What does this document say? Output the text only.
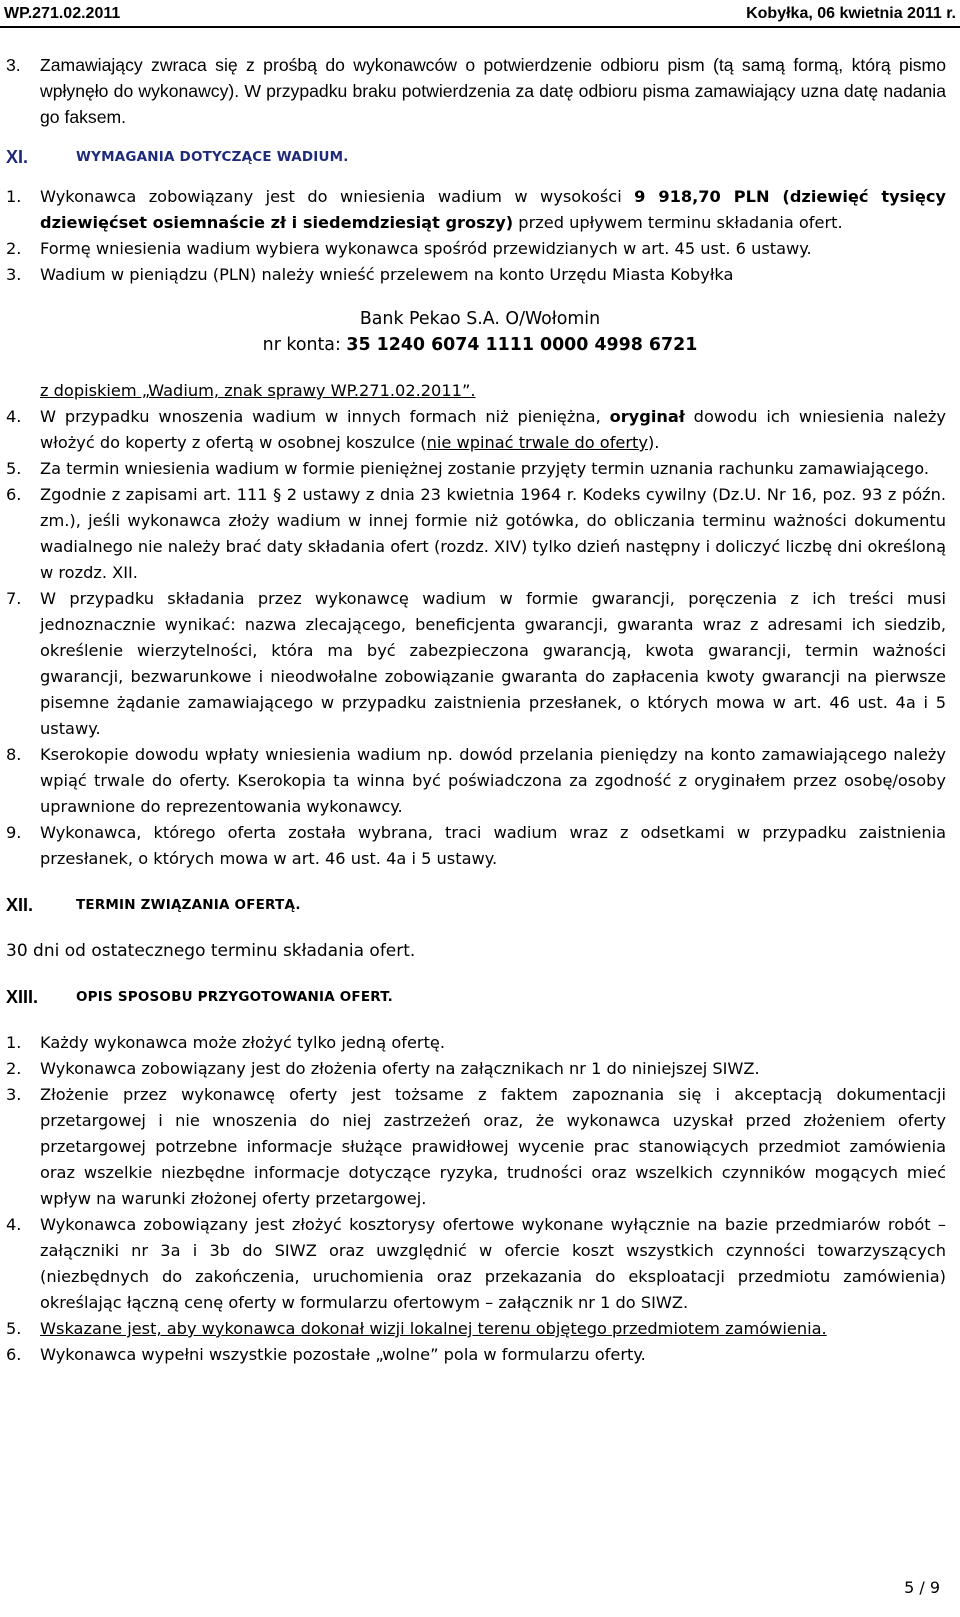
WP.271.02.2011	Kobyłka, 06 kwietnia 2011 r.
3. Zamawiający zwraca się z prośbą do wykonawców o potwierdzenie odbioru pism (tą samą formą, którą pismo wpłynęło do wykonawcy). W przypadku braku potwierdzenia za datę odbioru pisma zamawiający uzna datę nadania go faksem.
XI.	WYMAGANIA DOTYCZĄCE WADIUM.
1. Wykonawca zobowiązany jest do wniesienia wadium w wysokości 9 918,70 PLN (dziewięć tysięcy dziewięćset osiemnaście zł i siedemdziesiąt groszy) przed upływem terminu składania ofert.
2. Formę wniesienia wadium wybiera wykonawca spośród przewidzianych w art. 45 ust. 6 ustawy.
3. Wadium w pieniądzu (PLN) należy wnieść przelewem na konto Urzędu Miasta Kobyłka
Bank Pekao S.A. O/Wołomin
nr konta: 35 1240 6074 1111 0000 4998 6721
z dopiskiem „Wadium, znak sprawy WP.271.02.2011”.
4. W przypadku wnoszenia wadium w innych formach niż pieniężna, oryginał dowodu ich wniesienia należy włożyć do koperty z ofertą w osobnej koszulce (nie wpinać trwale do oferty).
5. Za termin wniesienia wadium w formie pieniężnej zostanie przyjęty termin uznania rachunku zamawiającego.
6. Zgodnie z zapisami art. 111 § 2 ustawy z dnia 23 kwietnia 1964 r. Kodeks cywilny (Dz.U. Nr 16, poz. 93 z późn. zm.), jeśli wykonawca złoży wadium w innej formie niż gotówka, do obliczania terminu ważności dokumentu wadialnego nie należy brać daty składania ofert (rozdz. XIV) tylko dzień następny i doliczyć liczbę dni określoną w rozdz. XII.
7. W przypadku składania przez wykonawcę wadium w formie gwarancji, poręczenia z ich treści musi jednoznacznie wynikać: nazwa zlecającego, beneficjenta gwarancji, gwaranta wraz z adresami ich siedzib, określenie wierzytelności, która ma być zabezpieczona gwarancją, kwota gwarancji, termin ważności gwarancji, bezwarunkowe i nieodwołalne zobowiązanie gwaranta do zapłacenia kwoty gwarancji na pierwsze pisemne żądanie zamawiającego w przypadku zaistnienia przesłanek, o których mowa w art. 46 ust. 4a i 5 ustawy.
8. Kserokopie dowodu wpłaty wniesienia wadium np. dowód przelania pieniędzy na konto zamawiającego należy wpiąć trwale do oferty. Kserokopia ta winna być poświadczona za zgodność z oryginałem przez osobę/osoby uprawnione do reprezentowania wykonawcy.
9. Wykonawca, którego oferta została wybrana, traci wadium wraz z odsetkami w przypadku zaistnienia przesłanek, o których mowa w art. 46 ust. 4a i 5 ustawy.
XII.	TERMIN ZWIĄZANIA OFERTĄ.
30 dni od ostatecznego terminu składania ofert.
XIII.	OPIS SPOSOBU PRZYGOTOWANIA OFERT.
1. Każdy wykonawca może złożyć tylko jedną ofertę.
2. Wykonawca zobowiązany jest do złożenia oferty na załącznikach nr 1 do niniejszej SIWZ.
3. Złożenie przez wykonawcę oferty jest tożsame z faktem zapoznania się i akceptacją dokumentacji przetargowej i nie wnoszenia do niej zastrzeżeń oraz, że wykonawca uzyskał przed złożeniem oferty przetargowej potrzebne informacje służące prawidłowej wycenie prac stanowiących przedmiot zamówienia oraz wszelkie niezbędne informacje dotyczące ryzyka, trudności oraz wszelkich czynników mogących mieć wpływ na warunki złożonej oferty przetargowej.
4. Wykonawca zobowiązany jest złożyć kosztorysy ofertowe wykonane wyłącznie na bazie przedmiarów robót – załączniki nr 3a i 3b do SIWZ oraz uwzględnić w ofercie koszt wszystkich czynności towarzyszących (niezbędnych do zakończenia, uruchomienia oraz przekazania do eksploatacji przedmiotu zamówienia) określając łączną cenę oferty w formularzu ofertowym – załącznik nr 1 do SIWZ.
5. Wskazane jest, aby wykonawca dokonał wizji lokalnej terenu objętego przedmiotem zamówienia.
6. Wykonawca wypełni wszystkie pozostałe „wolne” pola w formularzu oferty.
5 / 9
